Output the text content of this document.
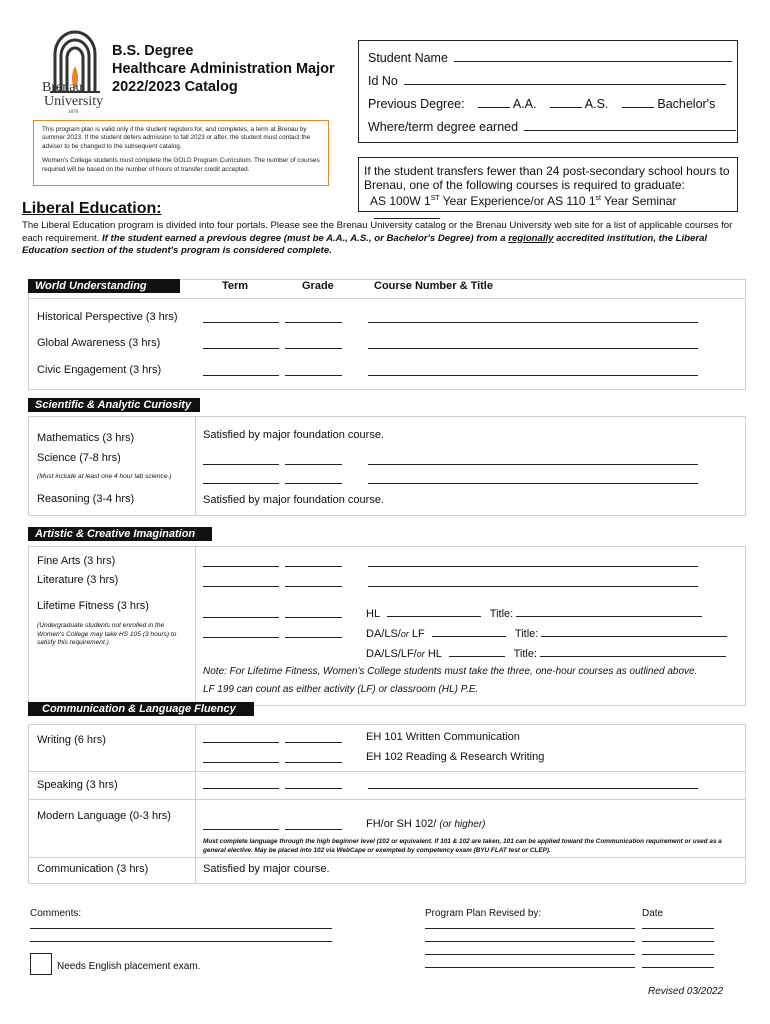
Brenau
University
1878
B.S. Degree
Healthcare Administration Major
2022/2023 Catalog

This program plan is valid only if the student registers for, and completes, a term at Brenau by summer 2023. If the student defers admission to fall 2023 or after, the student must contact the adviser to be changed to the subsequent catalog.

Women's College students must complete the GOLD Program Curriculum. The number of courses required will be based on the number of hours of transfer credit accepted.

Student Name
Id No
Previous Degree:	A.A.	A.S.	Bachelor's
Where/term degree earned
If the student transfers fewer than 24 post-secondary school hours to
Brenau, one of the following courses is required to graduate:
AS 100W 1ST Year Experience/or AS 110 1st Year Seminar
Liberal Education:
The Liberal Education program is divided into four portals. Please see the Brenau University catalog or the Brenau University web site for a list of applicable courses for each requirement. If the student earned a previous degree (must be A.A., A.S., or Bachelor's Degree) from a regionally accredited institution, the Liberal Education section of the student's program is considered complete.
World Understanding	Term	Grade	Course Number & Title
Historical Perspective (3 hrs)
Global Awareness (3 hrs)
Civic Engagement (3 hrs)
Scientific & Analytic Curiosity
Mathematics (3 hrs)	Satisfied by major foundation course.
Science (7-8 hrs)
(Must include at least one 4 hour lab science.)
Reasoning (3-4 hrs)	Satisfied by major foundation course.
Artistic & Creative Imagination
Fine Arts (3 hrs)
Literature (3 hrs)
Lifetime Fitness (3 hrs)
(Undergraduate students not enrolled in the Women's College may take HS 105 (3 hours) to satisfy this requirement.)
HL	Title:
DA/LS/or LF	Title:
DA/LS/LF/or HL	Title:
Note: For Lifetime Fitness, Women's College students must take the three, one-hour courses as outlined above.
LF 199 can count as either activity (LF) or classroom (HL) P.E.
Communication & Language Fluency
Writing (6 hrs)	EH 101 Written Communication
EH 102 Reading & Research Writing
Speaking (3 hrs)
Modern Language (0-3 hrs)
FH/or SH 102/ (or higher)
Must complete language through the high beginner level (102 or equivalent. If 101 & 102 are taken, 101 can be applied toward the Communication requirement or used as a general elective. May be placed into 102 via WebCape or exempted by competency exam (BYU FLAT test or CLEP).
Communication (3 hrs)	Satisfied by major course.
Comments:	Program Plan Revised by:	Date
Needs English placement exam.
Revised 03/2022
